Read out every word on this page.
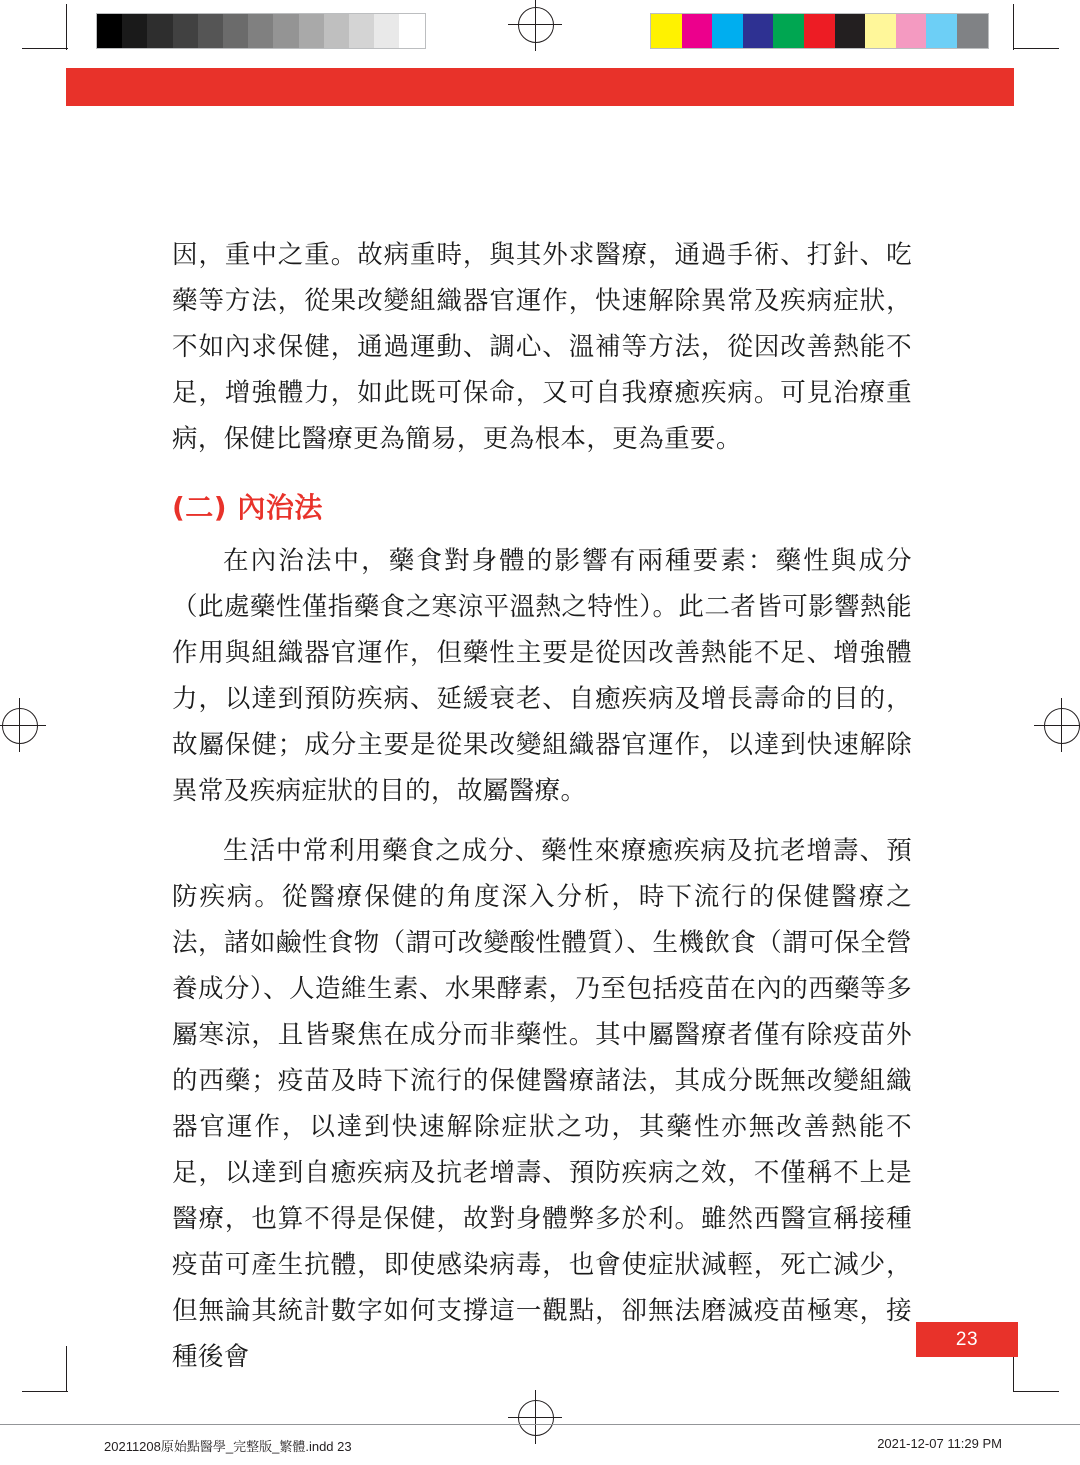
因，重中之重。故病重時，與其外求醫療，通過手術、打針、吃藥等方法，從果改變組織器官運作，快速解除異常及疾病症狀，不如內求保健，通過運動、調心、溫補等方法，從因改善熱能不足，增強體力，如此既可保命，又可自我療癒疾病。可見治療重病，保健比醫療更為簡易，更為根本，更為重要。

(二) 內治法

在內治法中，藥食對身體的影響有兩種要素：藥性與成分（此處藥性僅指藥食之寒涼平溫熱之特性）。此二者皆可影響熱能作用與組織器官運作，但藥性主要是從因改善熱能不足、增強體力，以達到預防疾病、延緩衰老、自癒疾病及增長壽命的目的，故屬保健；成分主要是從果改變組織器官運作，以達到快速解除異常及疾病症狀的目的，故屬醫療。

生活中常利用藥食之成分、藥性來療癒疾病及抗老增壽、預防疾病。從醫療保健的角度深入分析，時下流行的保健醫療之法，諸如鹼性食物（謂可改變酸性體質）、生機飲食（謂可保全營養成分）、人造維生素、水果酵素，乃至包括疫苗在內的西藥等多屬寒涼，且皆聚焦在成分而非藥性。其中屬醫療者僅有除疫苗外的西藥；疫苗及時下流行的保健醫療諸法，其成分既無改變組織器官運作，以達到快速解除症狀之功，其藥性亦無改善熱能不足，以達到自癒疾病及抗老增壽、預防疾病之效，不僅稱不上是醫療，也算不得是保健，故對身體弊多於利。雖然西醫宣稱接種疫苗可產生抗體，即使感染病毒，也會使症狀減輕，死亡減少，但無論其統計數字如何支撐這一觀點，卻無法磨滅疫苗極寒，接種後會

23
20211208原始點醫學_完整版_繁體.indd 23	2021-12-07 11:29 PM
